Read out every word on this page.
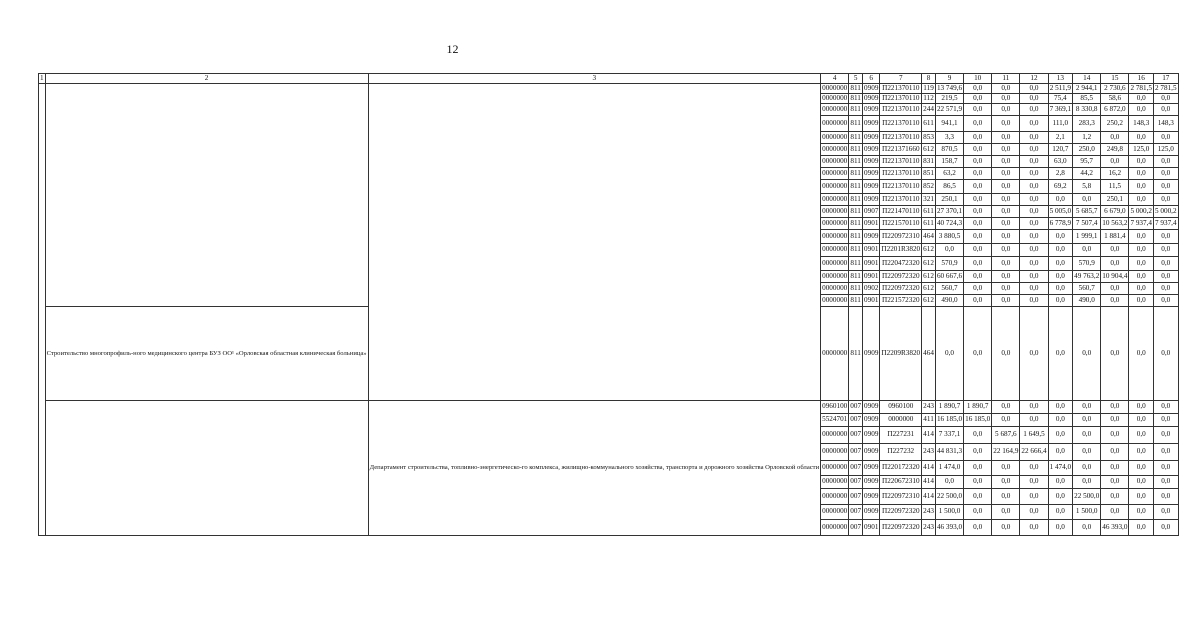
12
1	2	3	4	5	6	7	8	9	10	11	12	13	14	15	16	17
			0000000	811	0909	П221370110	119	13 749,6	0,0	0,0	0,0	2 511,9	2 944,1	2 730,6	2 781,5	2 781,5
			0000000	811	0909	П221370110	112	219,5	0,0	0,0	0,0	75,4	85,5	58,6	0,0	0,0
			0000000	811	0909	П221370110	244	22 571,9	0,0	0,0	0,0	7 369,1	8 330,8	6 872,0	0,0	0,0
			0000000	811	0909	П221370110	611	941,1	0,0	0,0	0,0	111,0	283,3	250,2	148,3	148,3
			0000000	811	0909	П221370110	853	3,3	0,0	0,0	0,0	2,1	1,2	0,0	0,0	0,0
			0000000	811	0909	П221371660	612	870,5	0,0	0,0	0,0	120,7	250,0	249,8	125,0	125,0
			0000000	811	0909	П221370110	831	158,7	0,0	0,0	0,0	63,0	95,7	0,0	0,0	0,0
			0000000	811	0909	П221370110	851	63,2	0,0	0,0	0,0	2,8	44,2	16,2	0,0	0,0
			0000000	811	0909	П221370110	852	86,5	0,0	0,0	0,0	69,2	5,8	11,5	0,0	0,0
			0000000	811	0909	П221370110	321	250,1	0,0	0,0	0,0	0,0	0,0	250,1	0,0	0,0
			0000000	811	0907	П221470110	611	27 370,1	0,0	0,0	0,0	5 005,0	5 685,7	6 679,0	5 000,2	5 000,2
			0000000	811	0901	П221570110	611	40 724,3	0,0	0,0	0,0	6 778,9	7 507,4	10 563,2	7 937,4	7 937,4
			0000000	811	0909	П220972310	464	3 880,5	0,0	0,0	0,0	0,0	1 999,1	1 881,4	0,0	0,0
			0000000	811	0901	П2201R3820	612	0,0	0,0	0,0	0,0	0,0	0,0	0,0	0,0	0,0
			0000000	811	0901	П220472320	612	570,9	0,0	0,0	0,0	0,0	570,9	0,0	0,0	0,0
			0000000	811	0901	П220972320	612	60 667,6	0,0	0,0	0,0	0,0	49 763,2	10 904,4	0,0	0,0
			0000000	811	0902	П220972320	612	560,7	0,0	0,0	0,0	0,0	560,7	0,0	0,0	0,0
			0000000	811	0901	П221572320	612	490,0	0,0	0,0	0,0	0,0	490,0	0,0	0,0	0,0
	Строительство многопрофиль-ного медицинского центра БУЗ ОО¹ «Орловская областная клиническая больница»		0000000	811	0909	П2209R3820	464	0,0	0,0	0,0	0,0	0,0	0,0	0,0	0,0	0,0
		Департамент строительства, топливно-энергетическо-го комплекса, жилищно-коммунального хозяйства, транспорта и дорожного хозяйства Орловской области	0960100	007	0909	0960100	243	1 890,7	1 890,7	0,0	0,0	0,0	0,0	0,0	0,0	0,0
			5524701	007	0909	0000000	411	16 185,0	16 185,0	0,0	0,0	0,0	0,0	0,0	0,0	0,0
			0000000	007	0909	П227231	414	7 337,1	0,0	5 687,6	1 649,5	0,0	0,0	0,0	0,0	0,0
			0000000	007	0909	П227232	243	44 831,3	0,0	22 164,9	22 666,4	0,0	0,0	0,0	0,0	0,0
			0000000	007	0909	П220172320	414	1 474,0	0,0	0,0	0,0	1 474,0	0,0	0,0	0,0	0,0
			0000000	007	0909	П220672310	414	0,0	0,0	0,0	0,0	0,0	0,0	0,0	0,0	0,0
			0000000	007	0909	П220972310	414	22 500,0	0,0	0,0	0,0	0,0	22 500,0	0,0	0,0	0,0
			0000000	007	0909	П220972320	243	1 500,0	0,0	0,0	0,0	0,0	1 500,0	0,0	0,0	0,0
			0000000	007	0901	П220972320	243	46 393,0	0,0	0,0	0,0	0,0	0,0	46 393,0	0,0	0,0
